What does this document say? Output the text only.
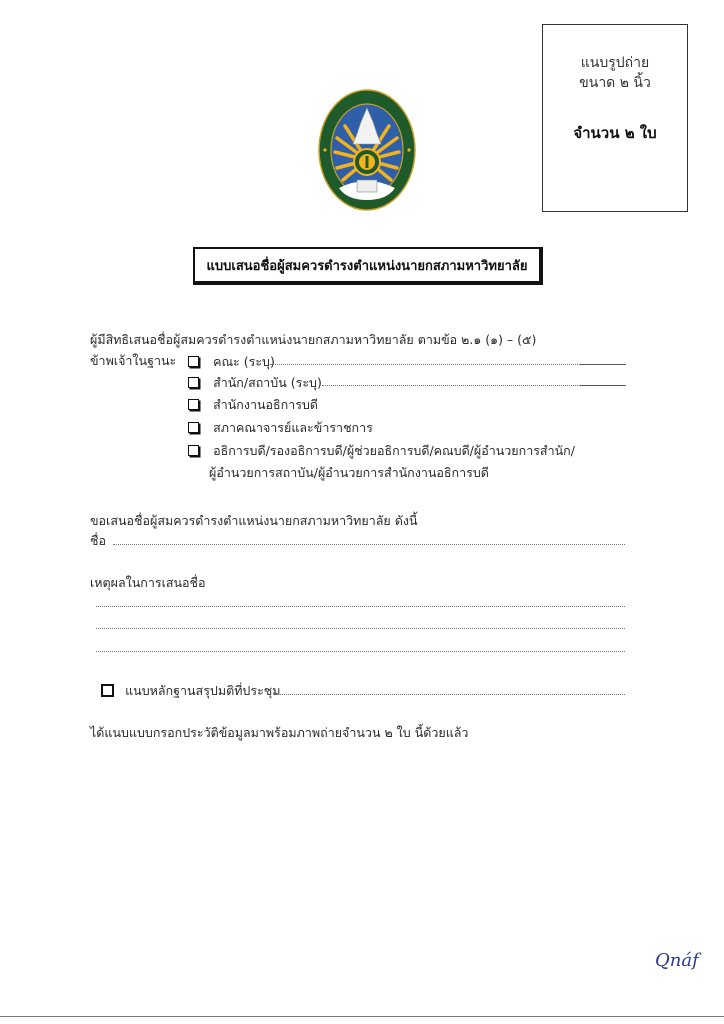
แนบรูปถ่าย
ขนาด ๒ นิ้ว
จำนวน ๒ ใบ
แบบเสนอชื่อผู้สมควรดำรงตำแหน่งนายกสภามหาวิทยาลัย
ผู้มีสิทธิเสนอชื่อผู้สมควรดำรงตำแหน่งนายกสภามหาวิทยาลัย ตามข้อ ๒.๑ (๑) – (๕)
ข้าพเจ้าในฐานะ	คณะ (ระบุ)
สำนัก/สถาบัน (ระบุ)
สำนักงานอธิการบดี
สภาคณาจารย์และข้าราชการ
อธิการบดี/รองอธิการบดี/ผู้ช่วยอธิการบดี/คณบดี/ผู้อำนวยการสำนัก/
ผู้อำนวยการสถาบัน/ผู้อำนวยการสำนักงานอธิการบดี
ขอเสนอชื่อผู้สมควรดำรงตำแหน่งนายกสภามหาวิทยาลัย ดังนี้
ชื่อ
เหตุผลในการเสนอชื่อ
แนบหลักฐานสรุปมติที่ประชุม
ได้แนบแบบกรอกประวัติข้อมูลมาพร้อมภาพถ่ายจำนวน ๒ ใบ นี้ด้วยแล้ว
Qnáf
